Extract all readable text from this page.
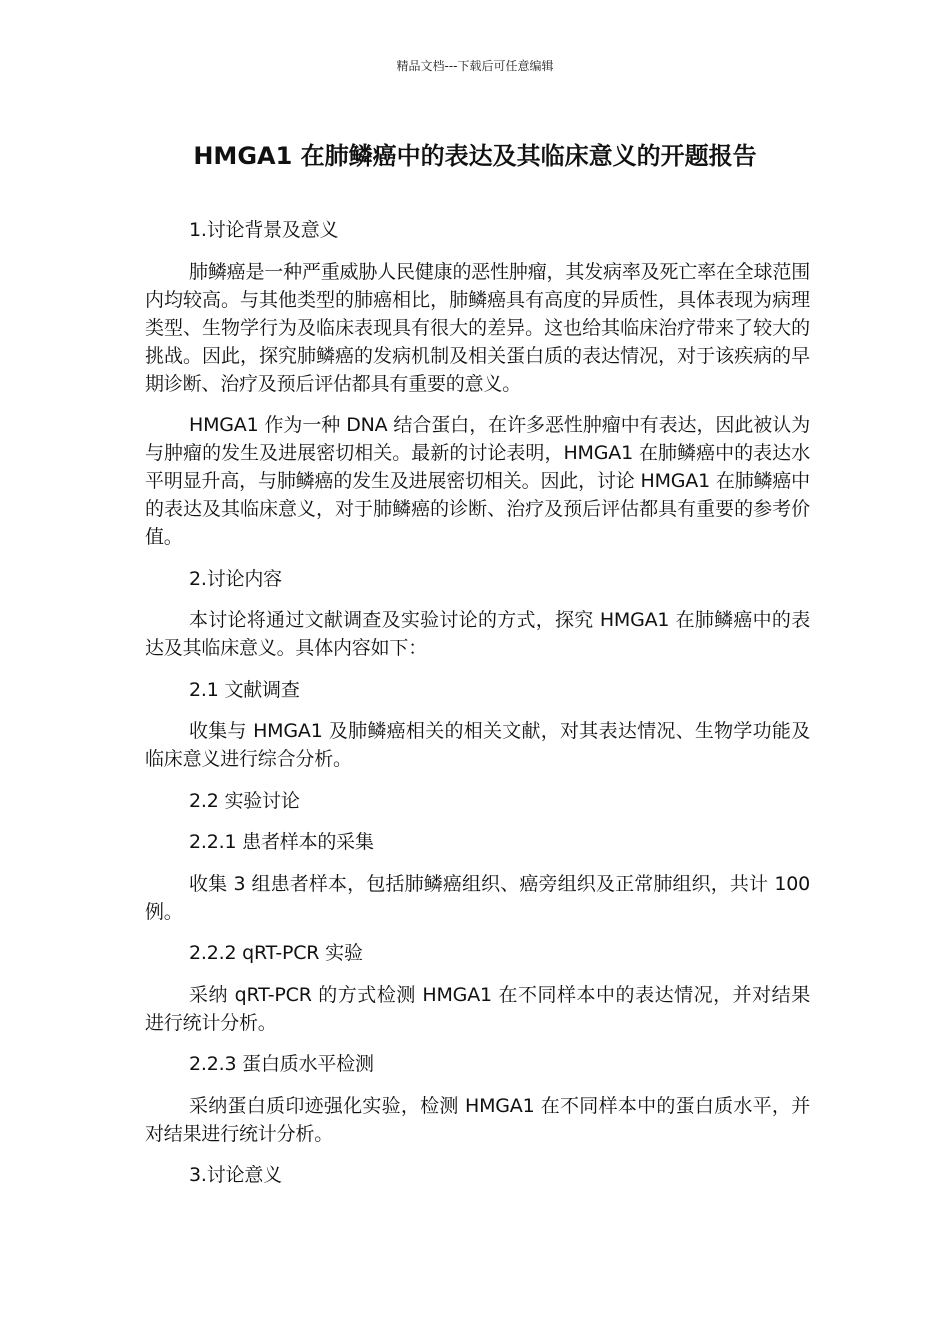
精品文档---下载后可任意编辑
HMGA1 在肺鳞癌中的表达及其临床意义的开题报告

1.讨论背景及意义

肺鳞癌是一种严重威胁人民健康的恶性肿瘤，其发病率及死亡率在全球范围内均较高。与其他类型的肺癌相比，肺鳞癌具有高度的异质性，具体表现为病理类型、生物学行为及临床表现具有很大的差异。这也给其临床治疗带来了较大的挑战。因此，探究肺鳞癌的发病机制及相关蛋白质的表达情况，对于该疾病的早期诊断、治疗及预后评估都具有重要的意义。

HMGA1 作为一种 DNA 结合蛋白，在许多恶性肿瘤中有表达，因此被认为与肿瘤的发生及进展密切相关。最新的讨论表明，HMGA1 在肺鳞癌中的表达水平明显升高，与肺鳞癌的发生及进展密切相关。因此，讨论 HMGA1 在肺鳞癌中的表达及其临床意义，对于肺鳞癌的诊断、治疗及预后评估都具有重要的参考价值。

2.讨论内容

本讨论将通过文献调查及实验讨论的方式，探究 HMGA1 在肺鳞癌中的表达及其临床意义。具体内容如下：

2.1 文献调查

收集与 HMGA1 及肺鳞癌相关的相关文献，对其表达情况、生物学功能及临床意义进行综合分析。

2.2 实验讨论

2.2.1 患者样本的采集

收集 3 组患者样本，包括肺鳞癌组织、癌旁组织及正常肺组织，共计 100 例。

2.2.2 qRT-PCR 实验

采纳 qRT-PCR 的方式检测 HMGA1 在不同样本中的表达情况，并对结果进行统计分析。

2.2.3 蛋白质水平检测

采纳蛋白质印迹强化实验，检测 HMGA1 在不同样本中的蛋白质水平，并对结果进行统计分析。

3.讨论意义
